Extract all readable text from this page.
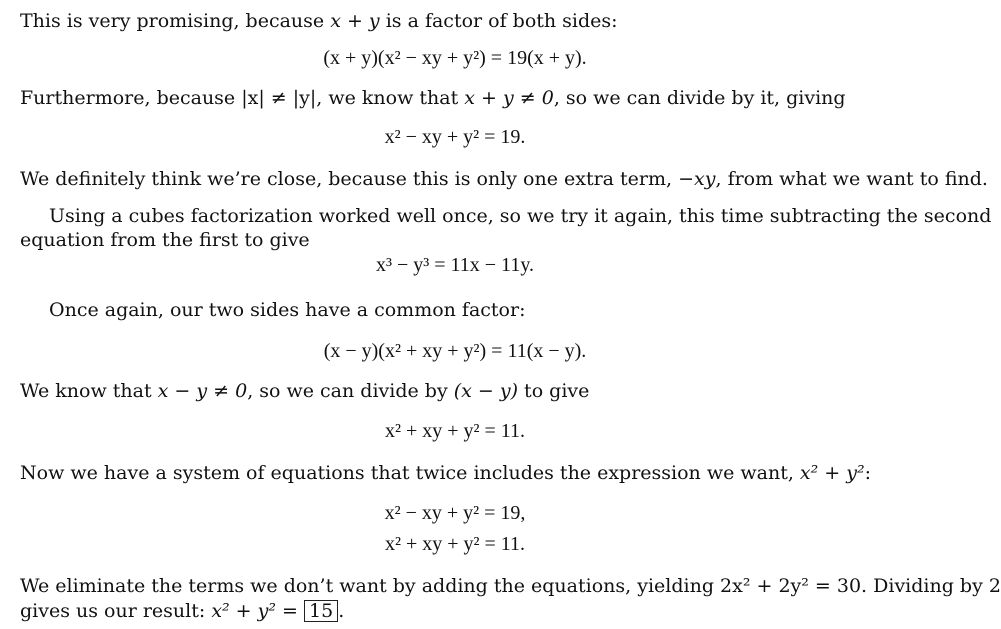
This is very promising, because x + y is a factor of both sides:
(x + y)(x² − xy + y²) = 19(x + y).
Furthermore, because |x| ≠ |y|, we know that x + y ≠ 0, so we can divide by it, giving
x² − xy + y² = 19.
We definitely think we’re close, because this is only one extra term, −xy, from what we want to find.
Using a cubes factorization worked well once, so we try it again, this time subtracting the second
equation from the first to give
x³ − y³ = 11x − 11y.
Once again, our two sides have a common factor:
(x − y)(x² + xy + y²) = 11(x − y).
We know that x − y ≠ 0, so we can divide by (x − y) to give
x² + xy + y² = 11.
Now we have a system of equations that twice includes the expression we want, x² + y²:
x² − xy + y² = 19,
x² + xy + y² = 11.
We eliminate the terms we don’t want by adding the equations, yielding 2x² + 2y² = 30. Dividing by 2
gives us our result: x² + y² = 15 .
